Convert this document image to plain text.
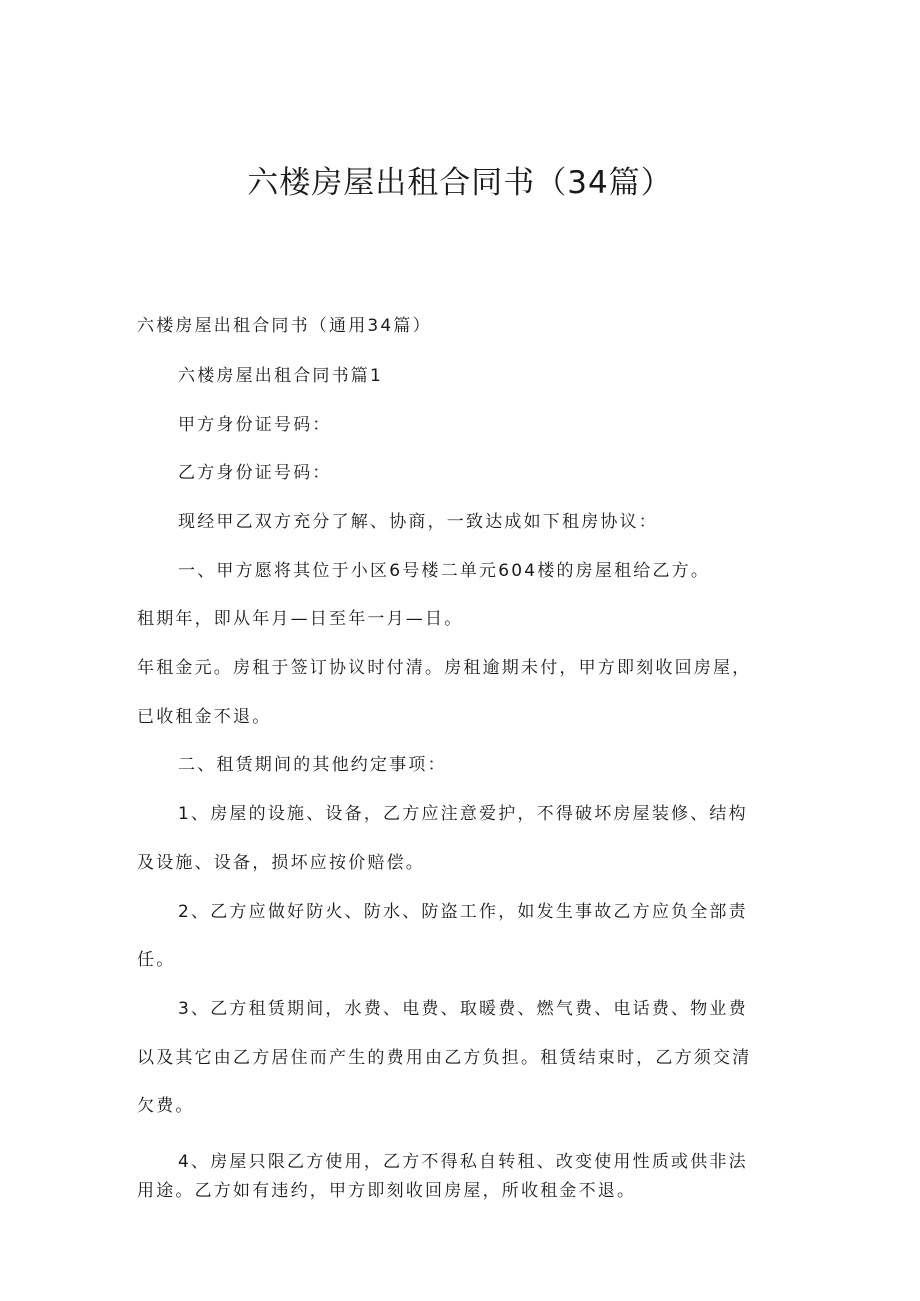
六楼房屋出租合同书（34篇）

六楼房屋出租合同书（通用34篇）

六楼房屋出租合同书篇1

甲方身份证号码：

乙方身份证号码：

现经甲乙双方充分了解、协商，一致达成如下租房协议：

一、甲方愿将其位于小区6号楼二单元604楼的房屋租给乙方。

租期年，即从年月—日至年一月—日。

年租金元。房租于签订协议时付清。房租逾期未付，甲方即刻收回房屋，

已收租金不退。

二、租赁期间的其他约定事项：

1、房屋的设施、设备，乙方应注意爱护，不得破坏房屋装修、结构

及设施、设备，损坏应按价赔偿。

2、乙方应做好防火、防水、防盗工作，如发生事故乙方应负全部责

任。

3、乙方租赁期间，水费、电费、取暖费、燃气费、电话费、物业费

以及其它由乙方居住而产生的费用由乙方负担。租赁结束时，乙方须交清

欠费。

4、房屋只限乙方使用，乙方不得私自转租、改变使用性质或供非法

用途。乙方如有违约，甲方即刻收回房屋，所收租金不退。
